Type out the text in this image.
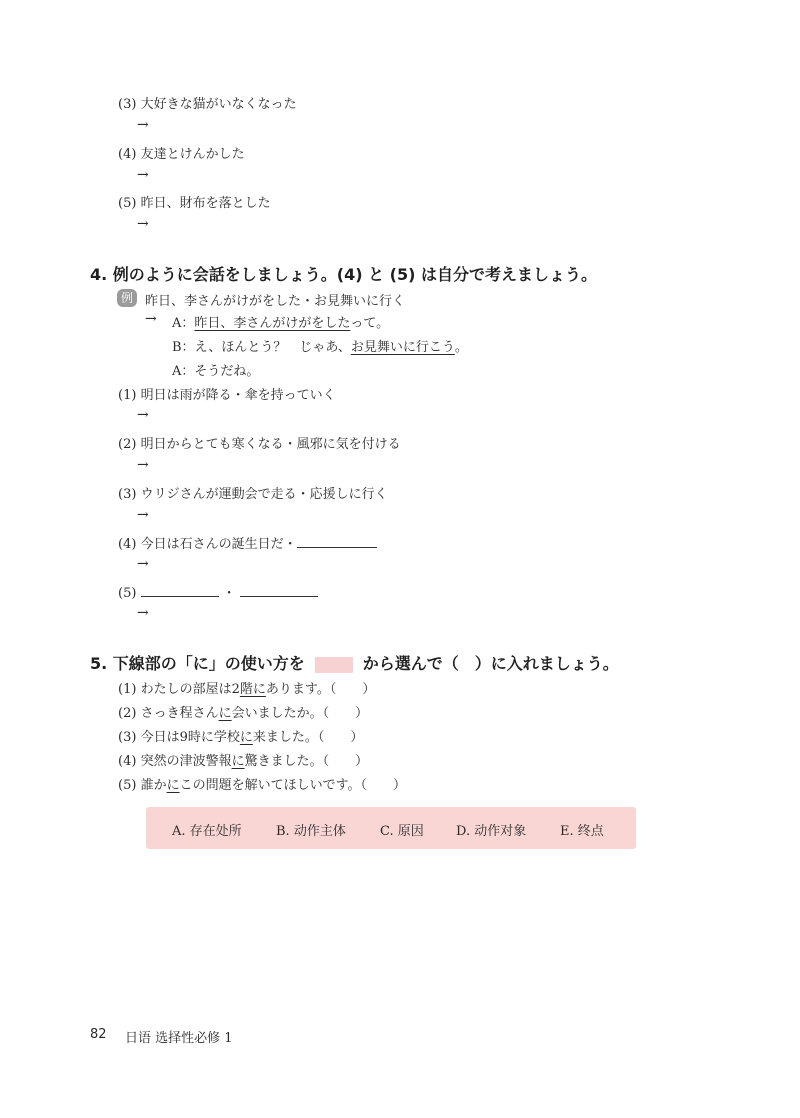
(3) 大好きな猫がいなくなった
→
(4) 友達とけんかした
→
(5) 昨日、財布を落とした
→
4. 例のように会話をしましょう。(4) と (5) は自分で考えましょう。
例 昨日、李さんがけがをした・お見舞いに行く
→ A：昨日、李さんがけがをしたって。
B：え、ほんとう？　じゃあ、お見舞いに行こう。
A：そうだね。
(1) 明日は雨が降る・傘を持っていく
→
(2) 明日からとても寒くなる・風邪に気を付ける
→
(3) ウリジさんが運動会で走る・応援しに行く
→
(4) 今日は石さんの誕生日だ・
→
(5)	・
→
5. 下線部の「に」の使い方を	から選んで（　）に入れましょう。
(1) わたしの部屋は2階にあります。（　　）
(2) さっき程さんに会いましたか。（　　）
(3) 今日は9時に学校に来ました。（　　）
(4) 突然の津波警報に驚きました。（　　）
(5) 誰かにこの問題を解いてほしいです。（　　）
A. 存在处所	B. 动作主体	C. 原因 D. 动作对象	E. 终点
82 日语 选择性必修 1
